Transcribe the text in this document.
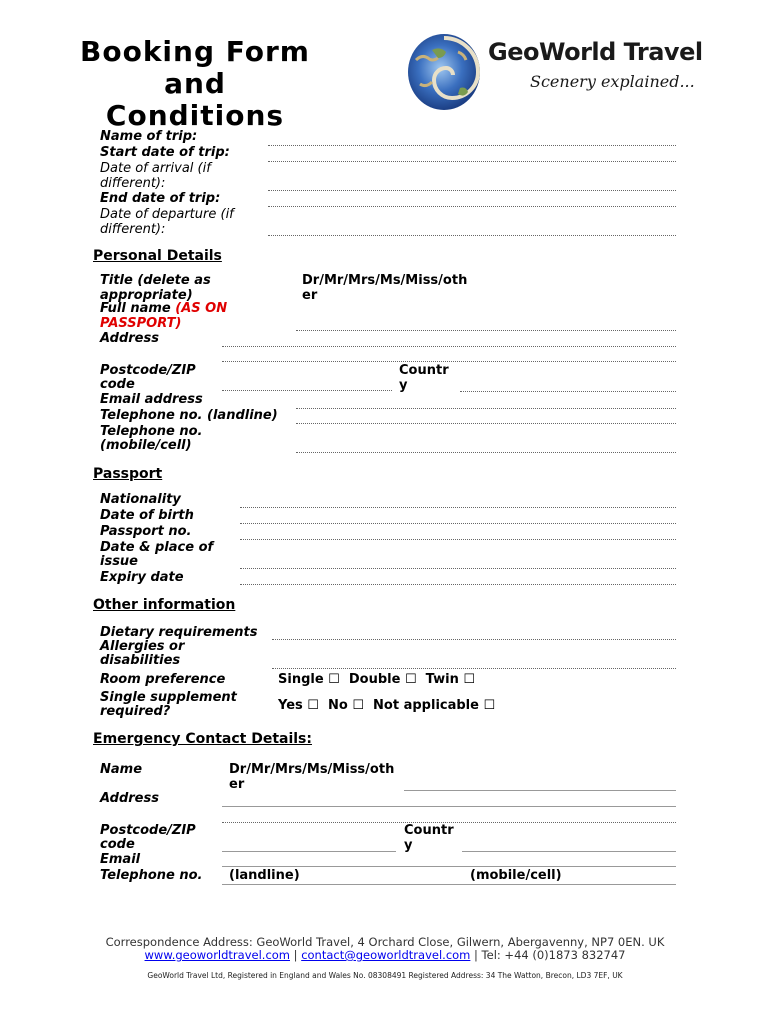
Booking Form
and
Conditions
GeoWorld Travel
Scenery explained...
Name of trip:
Start date of trip:
Date of arrival (if
different):
End date of trip:
Date of departure (if
different):
Personal Details
Title (delete as
appropriate)
Dr/Mr/Mrs/Ms/Miss/oth
er
Full name (AS ON
PASSPORT)
Address
Postcode/ZIP
code
Countr
y
Email address
Telephone no. (landline)
Telephone no.
(mobile/cell)
Passport
Nationality
Date of birth
Passport no.
Date & place of
issue
Expiry date
Other information
Dietary requirements
Allergies or
disabilities
Room preference	Single ☐  Double ☐  Twin ☐
Single supplement
required?	Yes ☐  No ☐  Not applicable ☐
Emergency Contact Details:
Name	Dr/Mr/Mrs/Ms/Miss/oth
er
Address
Postcode/ZIP
code
Countr
y
Email
Telephone no. (landline)	(mobile/cell)
Correspondence Address: GeoWorld Travel, 4 Orchard Close, Gilwern, Abergavenny, NP7 0EN. UK
www.geoworldtravel.com | contact@geoworldtravel.com | Tel: +44 (0)1873 832747
GeoWorld Travel Ltd, Registered in England and Wales No. 08308491 Registered Address: 34 The Watton, Brecon, LD3 7EF, UK
